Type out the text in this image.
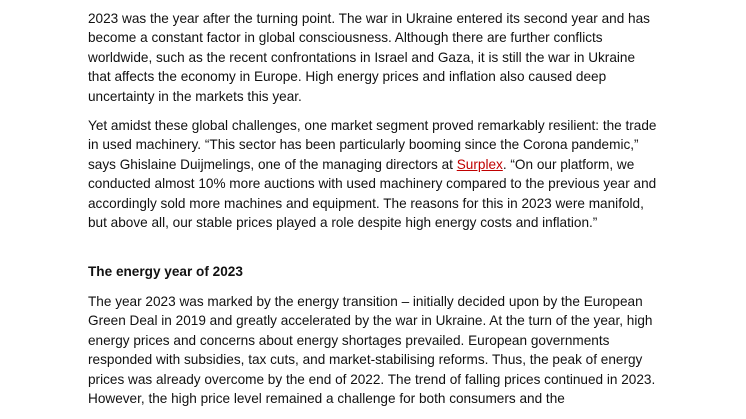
2023 was the year after the turning point. The war in Ukraine entered its second year and has become a constant factor in global consciousness. Although there are further conflicts worldwide, such as the recent confrontations in Israel and Gaza, it is still the war in Ukraine that affects the economy in Europe. High energy prices and inflation also caused deep uncertainty in the markets this year.

Yet amidst these global challenges, one market segment proved remarkably resilient: the trade in used machinery. “This sector has been particularly booming since the Corona pandemic,” says Ghislaine Duijmelings, one of the managing directors at Surplex. “On our platform, we conducted almost 10% more auctions with used machinery compared to the previous year and accordingly sold more machines and equipment. The reasons for this in 2023 were manifold, but above all, our stable prices played a role despite high energy costs and inflation.”

The energy year of 2023

The year 2023 was marked by the energy transition – initially decided upon by the European Green Deal in 2019 and greatly accelerated by the war in Ukraine. At the turn of the year, high energy prices and concerns about energy shortages prevailed. European governments responded with subsidies, tax cuts, and market-stabilising reforms. Thus, the peak of energy prices was already overcome by the end of 2022. The trend of falling prices continued in 2023. However, the high price level remained a challenge for both consumers and the
